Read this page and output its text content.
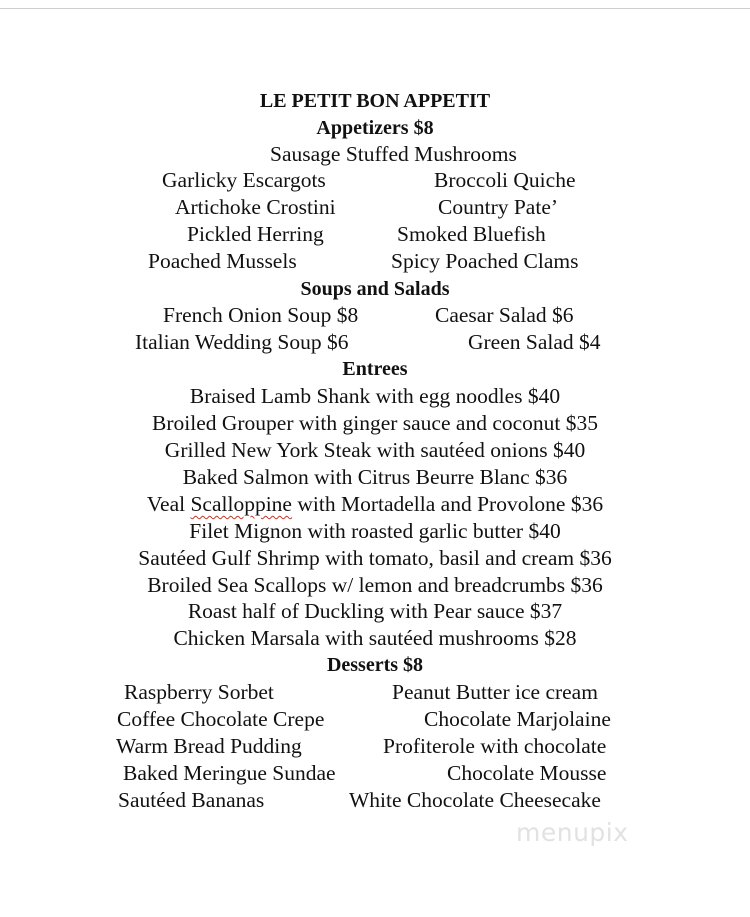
LE PETIT BON APPETIT
Appetizers $8
Sausage Stuffed Mushrooms
Garlicky Escargots	Broccoli Quiche
Artichoke Crostini	Country Pate’
Pickled Herring	Smoked Bluefish
Poached Mussels	Spicy Poached Clams
Soups and Salads
French Onion Soup $8	Caesar Salad $6
Italian Wedding Soup $6	Green Salad $4
Entrees
Braised Lamb Shank with egg noodles $40
Broiled Grouper with ginger sauce and coconut $35
Grilled New York Steak with sautéed onions $40
Baked Salmon with Citrus Beurre Blanc $36
Veal Scalloppine with Mortadella and Provolone $36
Filet Mignon with roasted garlic butter $40
Sautéed Gulf Shrimp with tomato, basil and cream $36
Broiled Sea Scallops w/ lemon and breadcrumbs $36
Roast half of Duckling with Pear sauce $37
Chicken Marsala with sautéed mushrooms $28
Desserts $8
Raspberry Sorbet	Peanut Butter ice cream
Coffee Chocolate Crepe	Chocolate Marjolaine
Warm Bread Pudding	Profiterole with chocolate
Baked Meringue Sundae	Chocolate Mousse
Sautéed Bananas	White Chocolate Cheesecake
menupix
